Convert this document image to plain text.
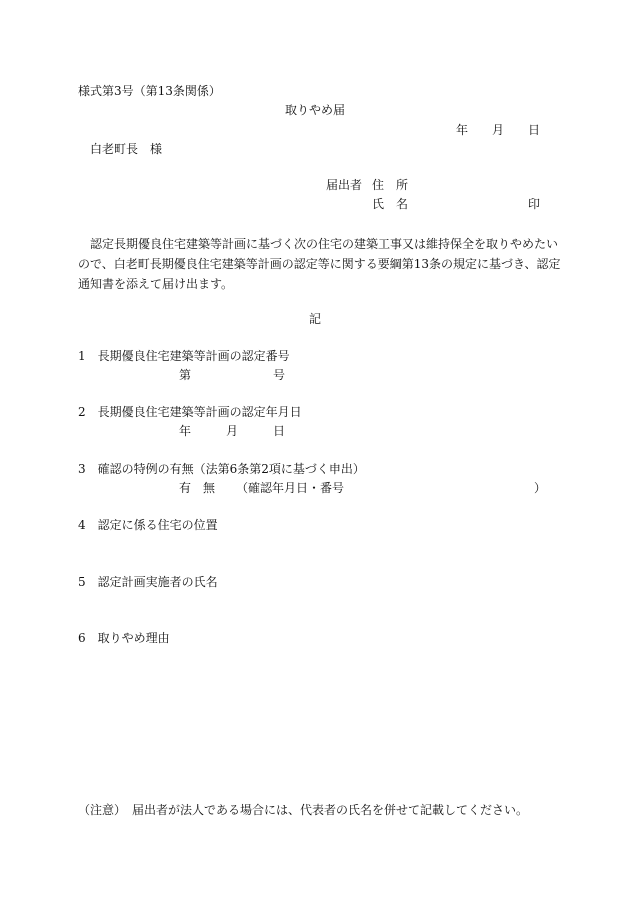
様式第3号（第13条関係）
取りやめ届
年 月 日
白老町長　様
届出者 住　所
氏　名	印
　認定長期優良住宅建築等計画に基づく次の住宅の建築工事又は維持保全を取りやめたい
ので、白老町長期優良住宅建築等計画の認定等に関する要綱第13条の規定に基づき、認定
通知書を添えて届け出ます。
記
1　長期優良住宅建築等計画の認定番号
第	号
2　長期優良住宅建築等計画の認定年月日
年	月	日
3　確認の特例の有無（法第6条第2項に基づく申出）
有 無 （確認年月日・番号	）
4　認定に係る住宅の位置
5　認定計画実施者の氏名
6　取りやめ理由
（注意）　届出者が法人である場合には、代表者の氏名を併せて記載してください。
